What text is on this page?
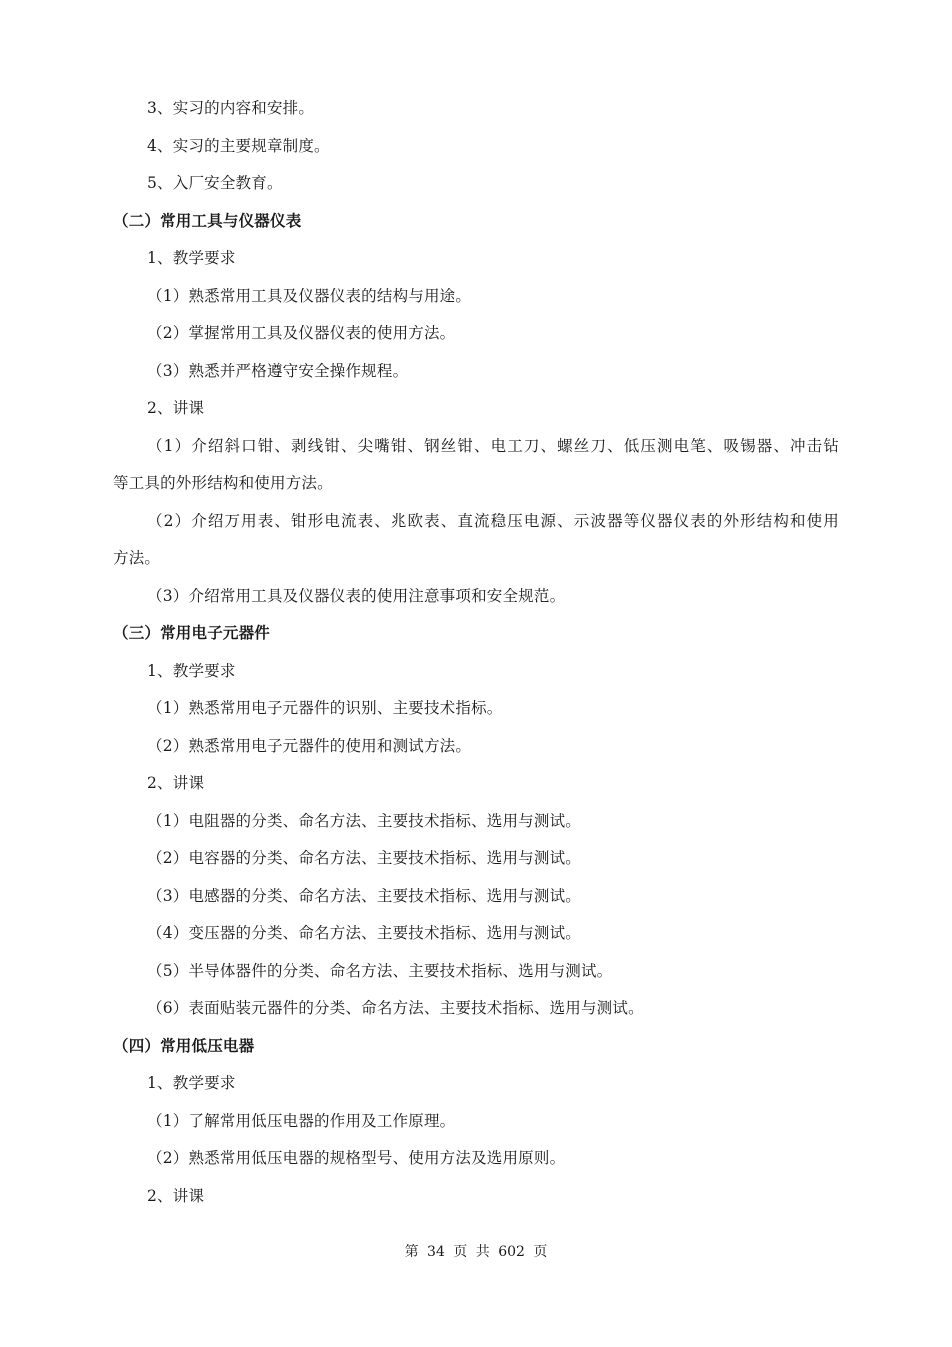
3、实习的内容和安排。
4、实习的主要规章制度。
5、入厂安全教育。
（二）常用工具与仪器仪表
1、教学要求
（1）熟悉常用工具及仪器仪表的结构与用途。
（2）掌握常用工具及仪器仪表的使用方法。
（3）熟悉并严格遵守安全操作规程。
2、讲课
（1）介绍斜口钳、剥线钳、尖嘴钳、钢丝钳、电工刀、螺丝刀、低压测电笔、吸锡器、冲击钻
等工具的外形结构和使用方法。
（2）介绍万用表、钳形电流表、兆欧表、直流稳压电源、示波器等仪器仪表的外形结构和使用
方法。
（3）介绍常用工具及仪器仪表的使用注意事项和安全规范。
（三）常用电子元器件
1、教学要求
（1）熟悉常用电子元器件的识别、主要技术指标。
（2）熟悉常用电子元器件的使用和测试方法。
2、讲课
（1）电阻器的分类、命名方法、主要技术指标、选用与测试。
（2）电容器的分类、命名方法、主要技术指标、选用与测试。
（3）电感器的分类、命名方法、主要技术指标、选用与测试。
（4）变压器的分类、命名方法、主要技术指标、选用与测试。
（5）半导体器件的分类、命名方法、主要技术指标、选用与测试。
（6）表面贴装元器件的分类、命名方法、主要技术指标、选用与测试。
（四）常用低压电器
1、教学要求
（1）了解常用低压电器的作用及工作原理。
（2）熟悉常用低压电器的规格型号、使用方法及选用原则。
2、讲课
第 34 页 共 602 页
